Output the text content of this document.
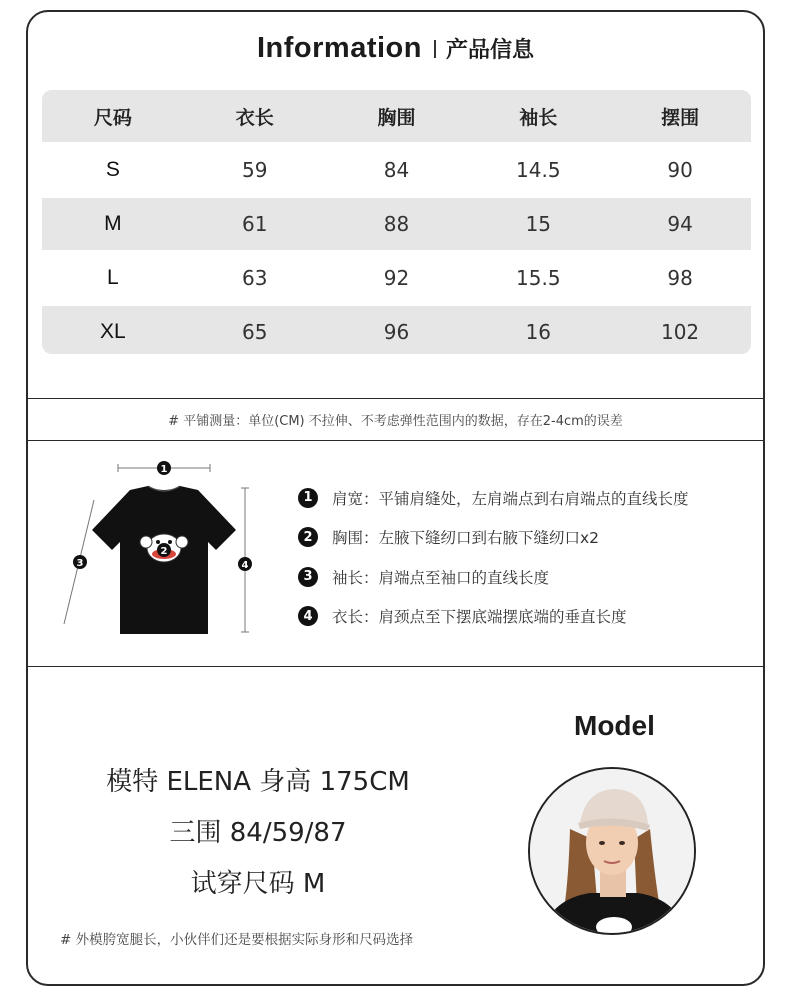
Information 产品信息
尺码	衣长	胸围	袖长	摆围
S	59	84	14.5	90
M	61	88	15	94
L	63	92	15.5	98
XL	65	96	16	102
# 平铺测量：单位(CM) 不拉伸、不考虑弹性范围内的数据，存在2-4cm的误差
1
2
3	4
1	肩宽：平铺肩缝处，左肩端点到右肩端点的直线长度
2	胸围：左腋下缝纫口到右腋下缝纫口x2
3	袖长：肩端点至袖口的直线长度
4	衣长：肩颈点至下摆底端摆底端的垂直长度
模特 ELENA 身高 175CM
三围 84/59/87
试穿尺码 M
Model
# 外模胯宽腿长，小伙伴们还是要根据实际身形和尺码选择
